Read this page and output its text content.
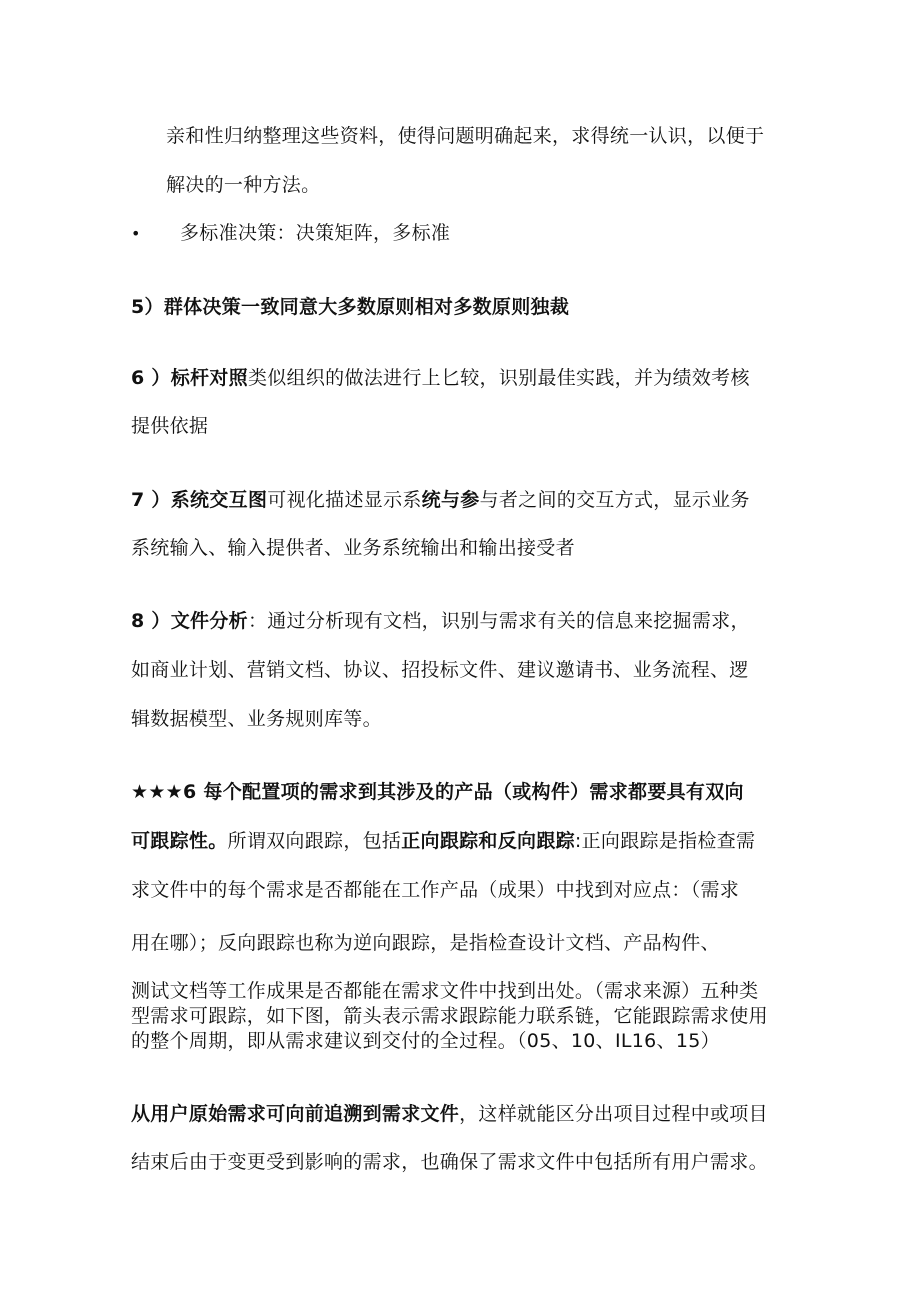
亲和性归纳整理这些资料，使得问题明确起来，求得统一认识，以便于
解决的一种方法。
• 多标准决策：决策矩阵，多标准
5）群体决策一致同意大多数原则相对多数原则独裁
6 ）标杆对照类似组织的做法进行上匕较，识别最佳实践，并为绩效考核
提供依据
7 ）系统交互图可视化描述显示系统与参与者之间的交互方式，显示业务
系统输入、输入提供者、业务系统输出和输出接受者
8 ）文件分析：通过分析现有文档，识别与需求有关的信息来挖掘需求，
如商业计划、营销文档、协议、招投标文件、建议邀请书、业务流程、逻
辑数据模型、业务规则库等。
★★★6 每个配置项的需求到其涉及的产品（或构件）需求都要具有双向
可跟踪性。所谓双向跟踪，包括正向跟踪和反向跟踪:正向跟踪是指检查需
求文件中的每个需求是否都能在工作产品（成果）中找到对应点：（需求
用在哪）；反向跟踪也称为逆向跟踪，是指检查设计文档、产品构件、
测试文档等工作成果是否都能在需求文件中找到出处。（需求来源）五种类
型需求可跟踪，如下图，箭头表示需求跟踪能力联系链，它能跟踪需求使用
的整个周期，即从需求建议到交付的全过程。（05、10、IL16、15）
从用户原始需求可向前追溯到需求文件，这样就能区分出项目过程中或项目
结束后由于变更受到影响的需求，也确保了需求文件中包括所有用户需求。
